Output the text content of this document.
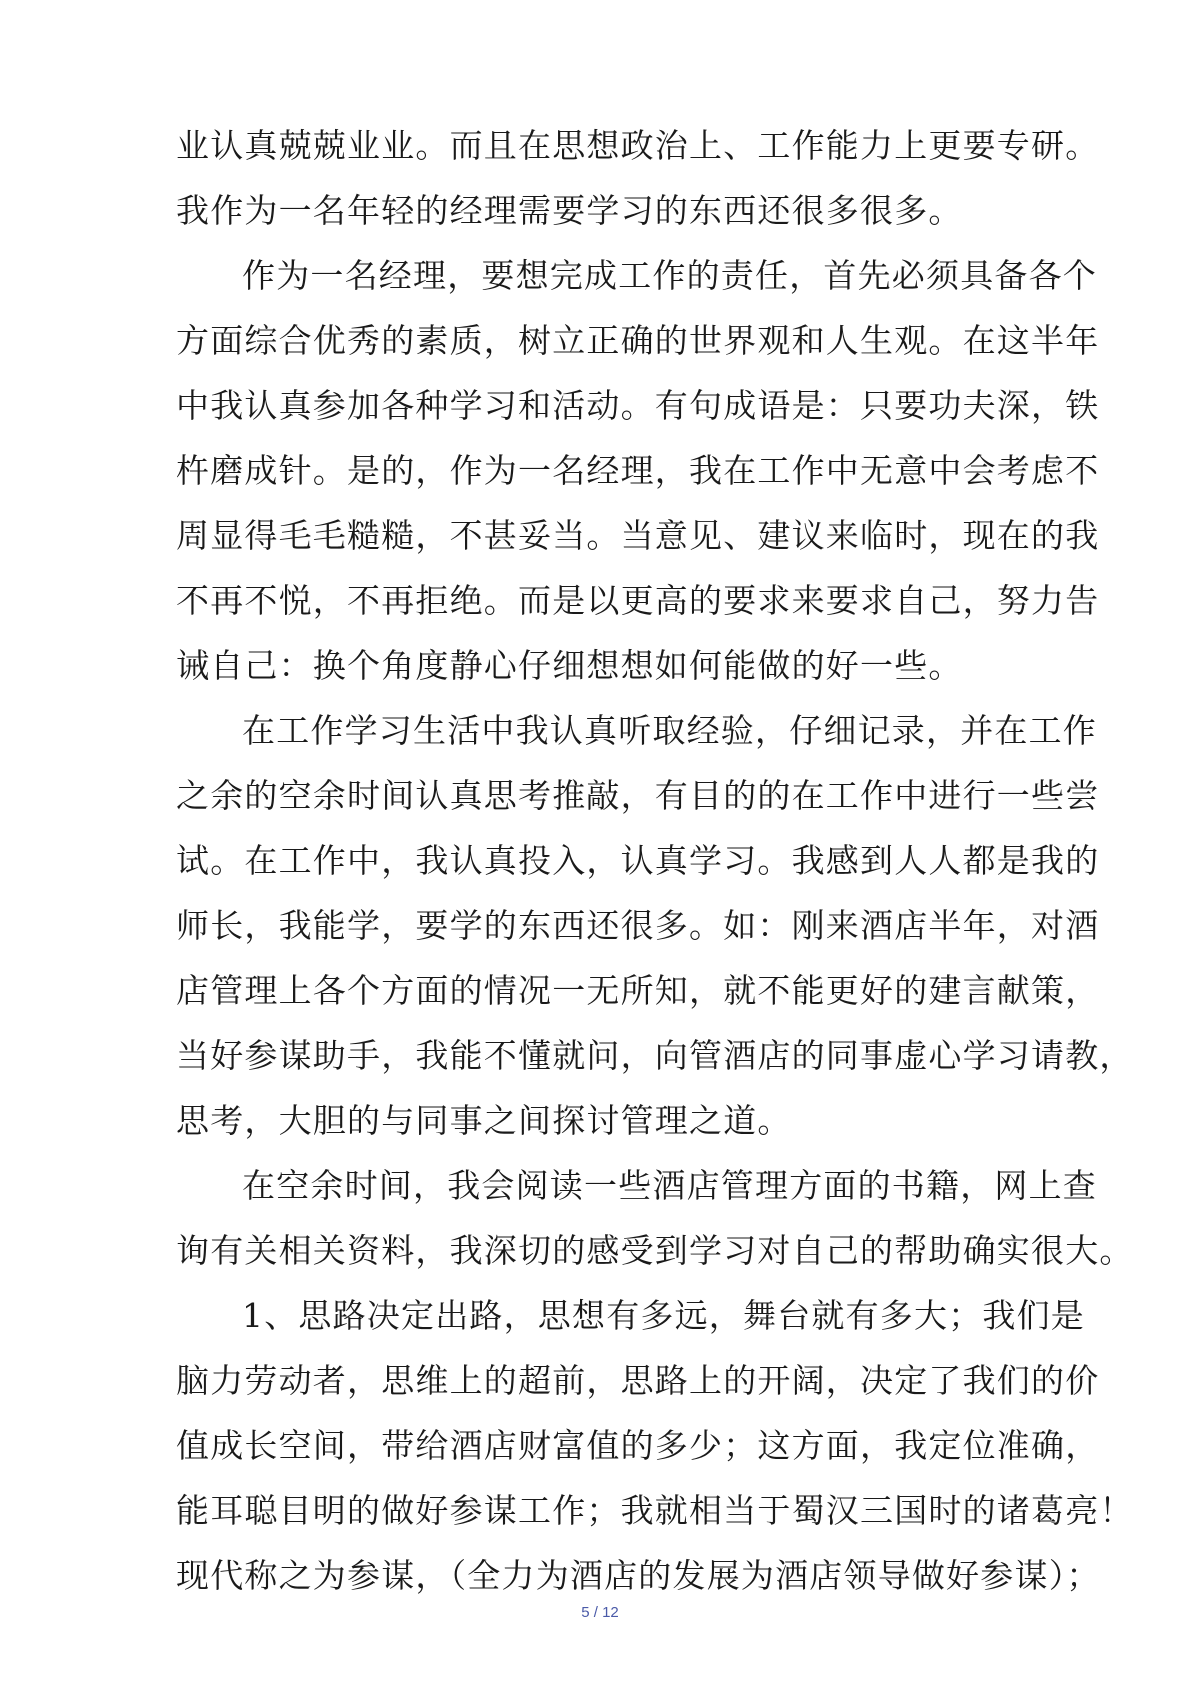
业认真兢兢业业。而且在思想政治上、工作能力上更要专研。
我作为一名年轻的经理需要学习的东西还很多很多。
作为一名经理，要想完成工作的责任，首先必须具备各个
方面综合优秀的素质，树立正确的世界观和人生观。在这半年
中我认真参加各种学习和活动。有句成语是：只要功夫深，铁
杵磨成针。是的，作为一名经理，我在工作中无意中会考虑不
周显得毛毛糙糙，不甚妥当。当意见、建议来临时，现在的我
不再不悦，不再拒绝。而是以更高的要求来要求自己，努力告
诫自己：换个角度静心仔细想想如何能做的好一些。
在工作学习生活中我认真听取经验，仔细记录，并在工作
之余的空余时间认真思考推敲，有目的的在工作中进行一些尝
试。在工作中，我认真投入，认真学习。我感到人人都是我的
师长，我能学，要学的东西还很多。如：刚来酒店半年，对酒
店管理上各个方面的情况一无所知，就不能更好的建言献策，
当好参谋助手，我能不懂就问，向管酒店的同事虚心学习请教，
思考，大胆的与同事之间探讨管理之道。
在空余时间，我会阅读一些酒店管理方面的书籍，网上查
询有关相关资料，我深切的感受到学习对自己的帮助确实很大。
1、思路决定出路，思想有多远，舞台就有多大；我们是
脑力劳动者，思维上的超前，思路上的开阔，决定了我们的价
值成长空间，带给酒店财富值的多少；这方面，我定位准确，
能耳聪目明的做好参谋工作；我就相当于蜀汉三国时的诸葛亮！
现代称之为参谋，（全力为酒店的发展为酒店领导做好参谋）；
5 / 12
